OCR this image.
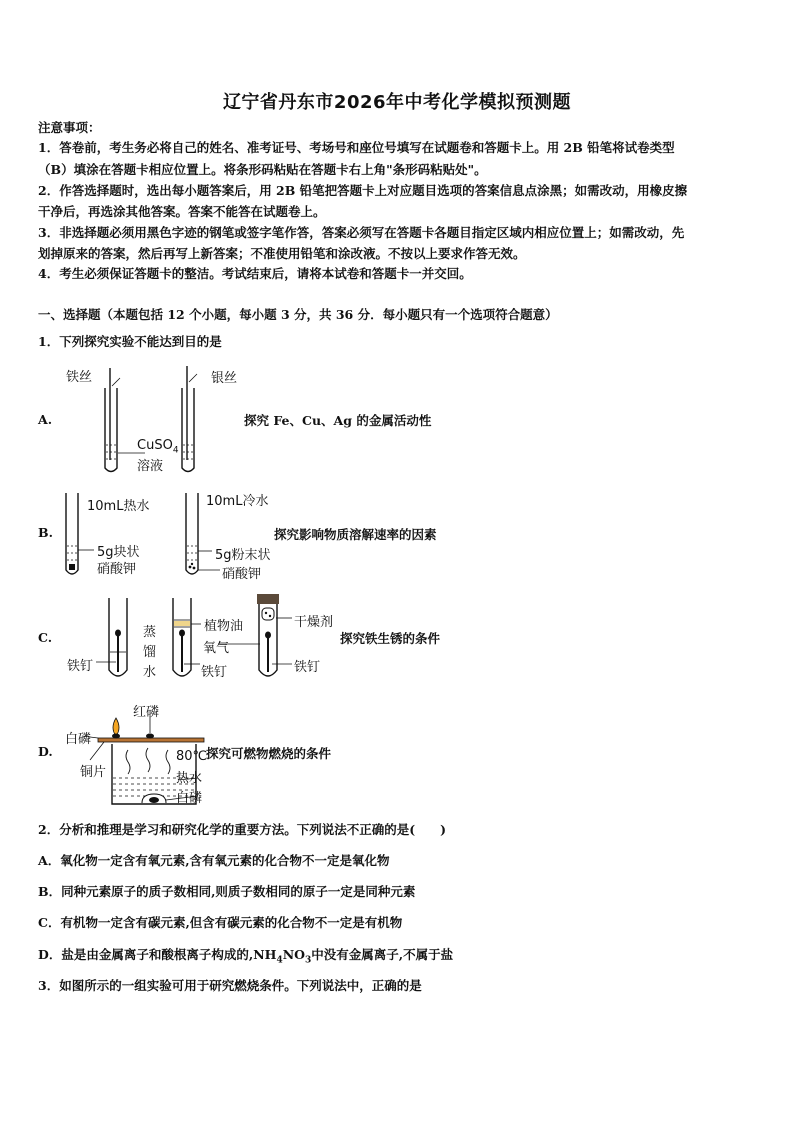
辽宁省丹东市2026年中考化学模拟预测题
注意事项：
1．答卷前，考生务必将自己的姓名、准考证号、考场号和座位号填写在试题卷和答题卡上。用 2B 铅笔将试卷类型
（B）填涂在答题卡相应位置上。将条形码粘贴在答题卡右上角"条形码粘贴处"。
2．作答选择题时，选出每小题答案后，用 2B 铅笔把答题卡上对应题目选项的答案信息点涂黑；如需改动，用橡皮擦
干净后，再选涂其他答案。答案不能答在试题卷上。
3．非选择题必须用黑色字迹的钢笔或签字笔作答，答案必须写在答题卡各题目指定区域内相应位置上；如需改动，先
划掉原来的答案，然后再写上新答案；不准使用铅笔和涂改液。不按以上要求作答无效。
4．考生必须保证答题卡的整洁。考试结束后，请将本试卷和答题卡一并交回。
一、选择题（本题包括 12 个小题，每小题 3 分，共 36 分．每小题只有一个选项符合题意）
1．下列探究实验不能达到目的是
A.
铁丝	银丝
CuSO$_4$
溶液
探究 Fe、Cu、Ag 的金属活动性
B.
10mL热水	10mL冷水
5g块状
硝酸钾
5g粉末状
硝酸钾
探究影响物质溶解速率的因素
C.
铁钉
蒸
馏
水
植物油
氧气
铁钉
干燥剂
铁钉
探究铁生锈的条件
D.
红磷
白磷
铜片
80℃
热水
白磷
探究可燃物燃烧的条件
2．分析和推理是学习和研究化学的重要方法。下列说法不正确的是(　　)
A．氧化物一定含有氧元素,含有氧元素的化合物不一定是氧化物
B．同种元素原子的质子数相同,则质子数相同的原子一定是同种元素
C．有机物一定含有碳元素,但含有碳元素的化合物不一定是有机物
D．盐是由金属离子和酸根离子构成的$,NH_4NO_3$中没有金属离子,不属于盐
3．如图所示的一组实验可用于研究燃烧条件。下列说法中，正确的是
